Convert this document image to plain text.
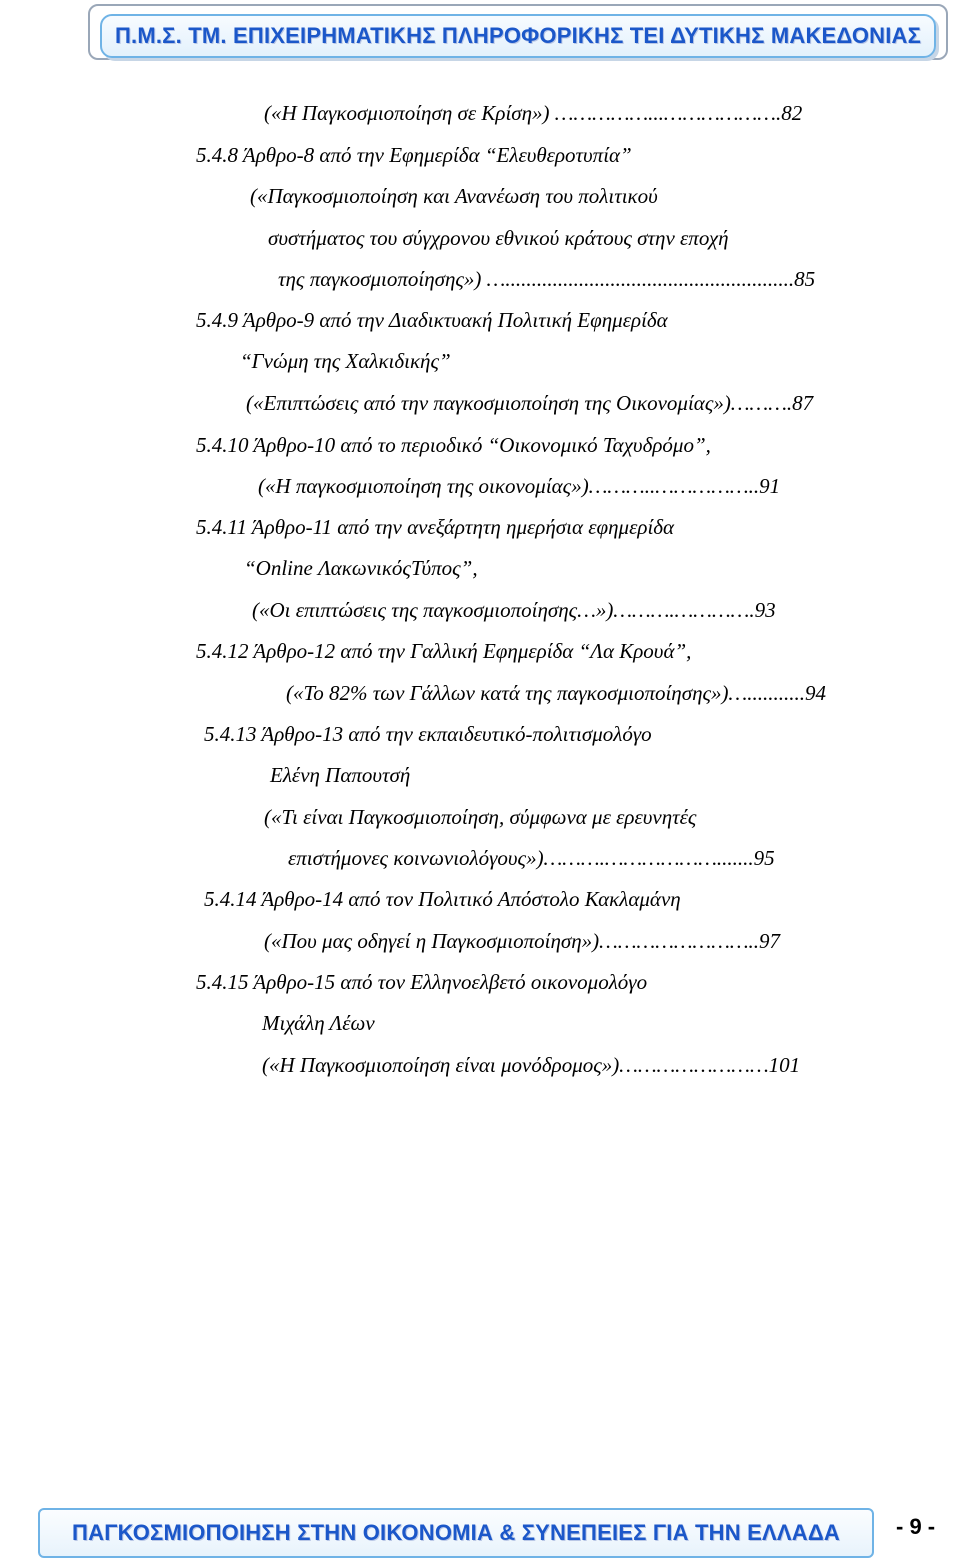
Π.Μ.Σ. ΤΜ. ΕΠΙΧΕΙΡΗΜΑΤΙΚΗΣ ΠΛΗΡΟΦΟΡΙΚΗΣ ΤΕΙ ΔΥΤΙΚΗΣ ΜΑΚΕΔΟΝΙΑΣ
(«Η Παγκοσμιοποίηση σε Κρίση») ……………...……………….82
5.4.8 Άρθρο-8 από την Εφημερίδα “Ελευθεροτυπία”
(«Παγκοσμιοποίηση και Ανανέωση του πολιτικού
συστήματος του σύγχρονου εθνικού κράτους στην εποχή
της παγκοσμιοποίησης») ….......................................................85
5.4.9 Άρθρο-9 από την Διαδικτυακή Πολιτική Εφημερίδα
“Γνώμη της Χαλκιδικής”
(«Επιπτώσεις από την παγκοσμιοποίηση της Οικονομίας»)……….87
5.4.10 Άρθρο-10 από το περιοδικό “Οικονομικό Ταχυδρόμο”,
(«Η παγκοσμιοποίηση της οικονομίας»)………..……………..91
5.4.11 Άρθρο-11 από την ανεξάρτητη ημερήσια εφημερίδα
“Online ΛακωνικόςΤύπος”,
(«Οι επιπτώσεις της παγκοσμιοποίησης…»)……….………….93
5.4.12 Άρθρο-12 από την Γαλλική Εφημερίδα “Λα Κρουά”,
(«Το 82% των Γάλλων κατά της παγκοσμιοποίησης»)…...........94
5.4.13 Άρθρο-13 από την εκπαιδευτικό-πολιτισμολόγο
Ελένη Παπουτσή
(«Τι είναι Παγκοσμιοποίηση, σύμφωνα με ερευνητές
επιστήμονες κοινωνιολόγους»)……….……………….......95
5.4.14 Άρθρο-14 από τον Πολιτικό Απόστολο Κακλαμάνη
(«Που μας οδηγεί η Παγκοσμιοποίηση»)……………………..97
5.4.15 Άρθρο-15 από τον Ελληνοελβετό οικονομολόγο
Μιχάλη Λέων
(«Η Παγκοσμιοποίηση είναι μονόδρομος»)……………………101
ΠΑΓΚΟΣΜΙΟΠΟΙΗΣΗ ΣΤΗΝ ΟΙΚΟΝΟΜΙΑ & ΣΥΝΕΠΕΙΕΣ ΓΙΑ ΤΗΝ ΕΛΛΑΔΑ	- 9 -
